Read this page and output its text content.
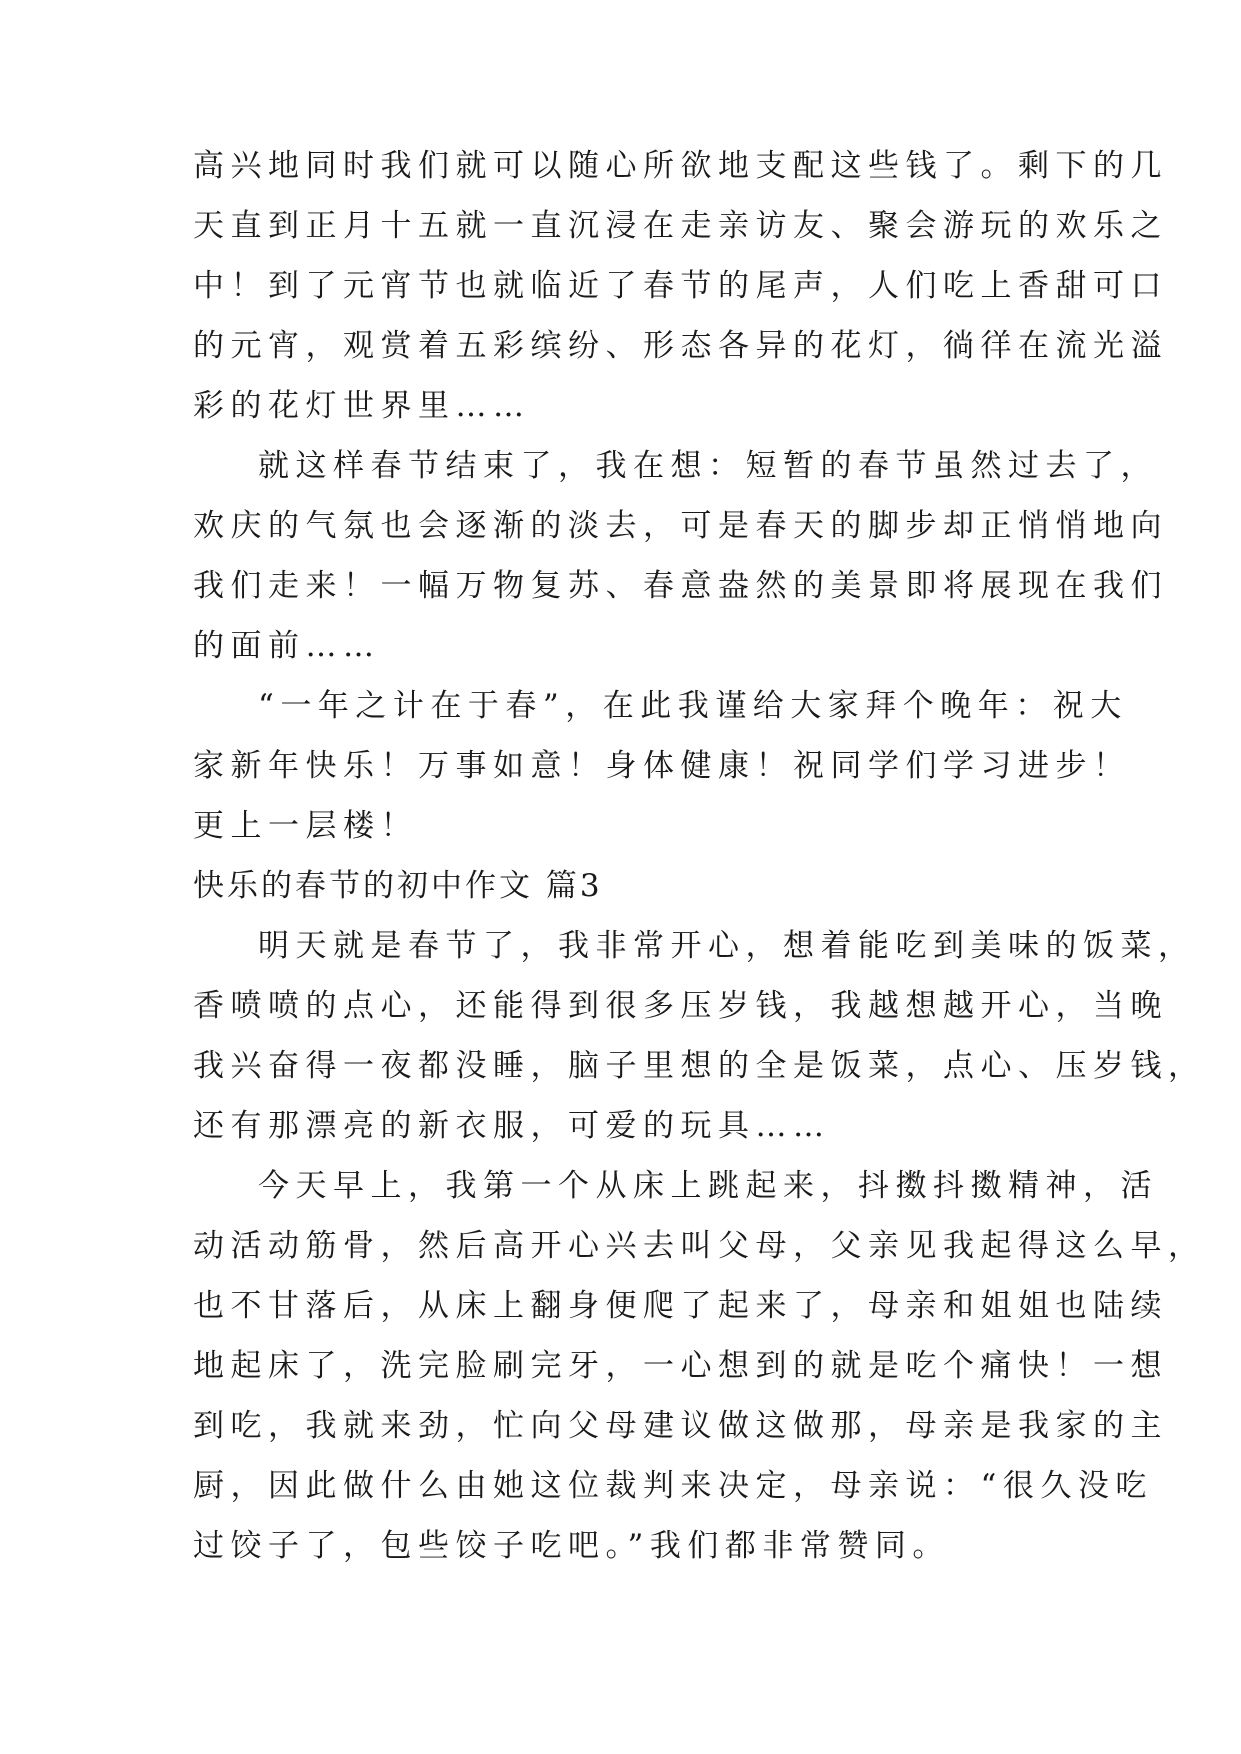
高兴地同时我们就可以随心所欲地支配这些钱了。剩下的几
天直到正月十五就一直沉浸在走亲访友、聚会游玩的欢乐之
中！到了元宵节也就临近了春节的尾声，人们吃上香甜可口
的元宵，观赏着五彩缤纷、形态各异的花灯，徜徉在流光溢
彩的花灯世界里……
就这样春节结束了，我在想：短暂的春节虽然过去了，
欢庆的气氛也会逐渐的淡去，可是春天的脚步却正悄悄地向
我们走来！一幅万物复苏、春意盎然的美景即将展现在我们
的面前……
“一年之计在于春”，在此我谨给大家拜个晚年：祝大
家新年快乐！万事如意！身体健康！祝同学们学习进步！
更上一层楼！
快乐的春节的初中作文 篇3
明天就是春节了，我非常开心，想着能吃到美味的饭菜，
香喷喷的点心，还能得到很多压岁钱，我越想越开心，当晚
我兴奋得一夜都没睡，脑子里想的全是饭菜，点心、压岁钱，
还有那漂亮的新衣服，可爱的玩具……
今天早上，我第一个从床上跳起来，抖擞抖擞精神，活
动活动筋骨，然后高开心兴去叫父母，父亲见我起得这么早，
也不甘落后，从床上翻身便爬了起来了，母亲和姐姐也陆续
地起床了，洗完脸刷完牙，一心想到的就是吃个痛快！一想
到吃，我就来劲，忙向父母建议做这做那，母亲是我家的主
厨，因此做什么由她这位裁判来决定，母亲说：“很久没吃
过饺子了，包些饺子吃吧。”我们都非常赞同。
